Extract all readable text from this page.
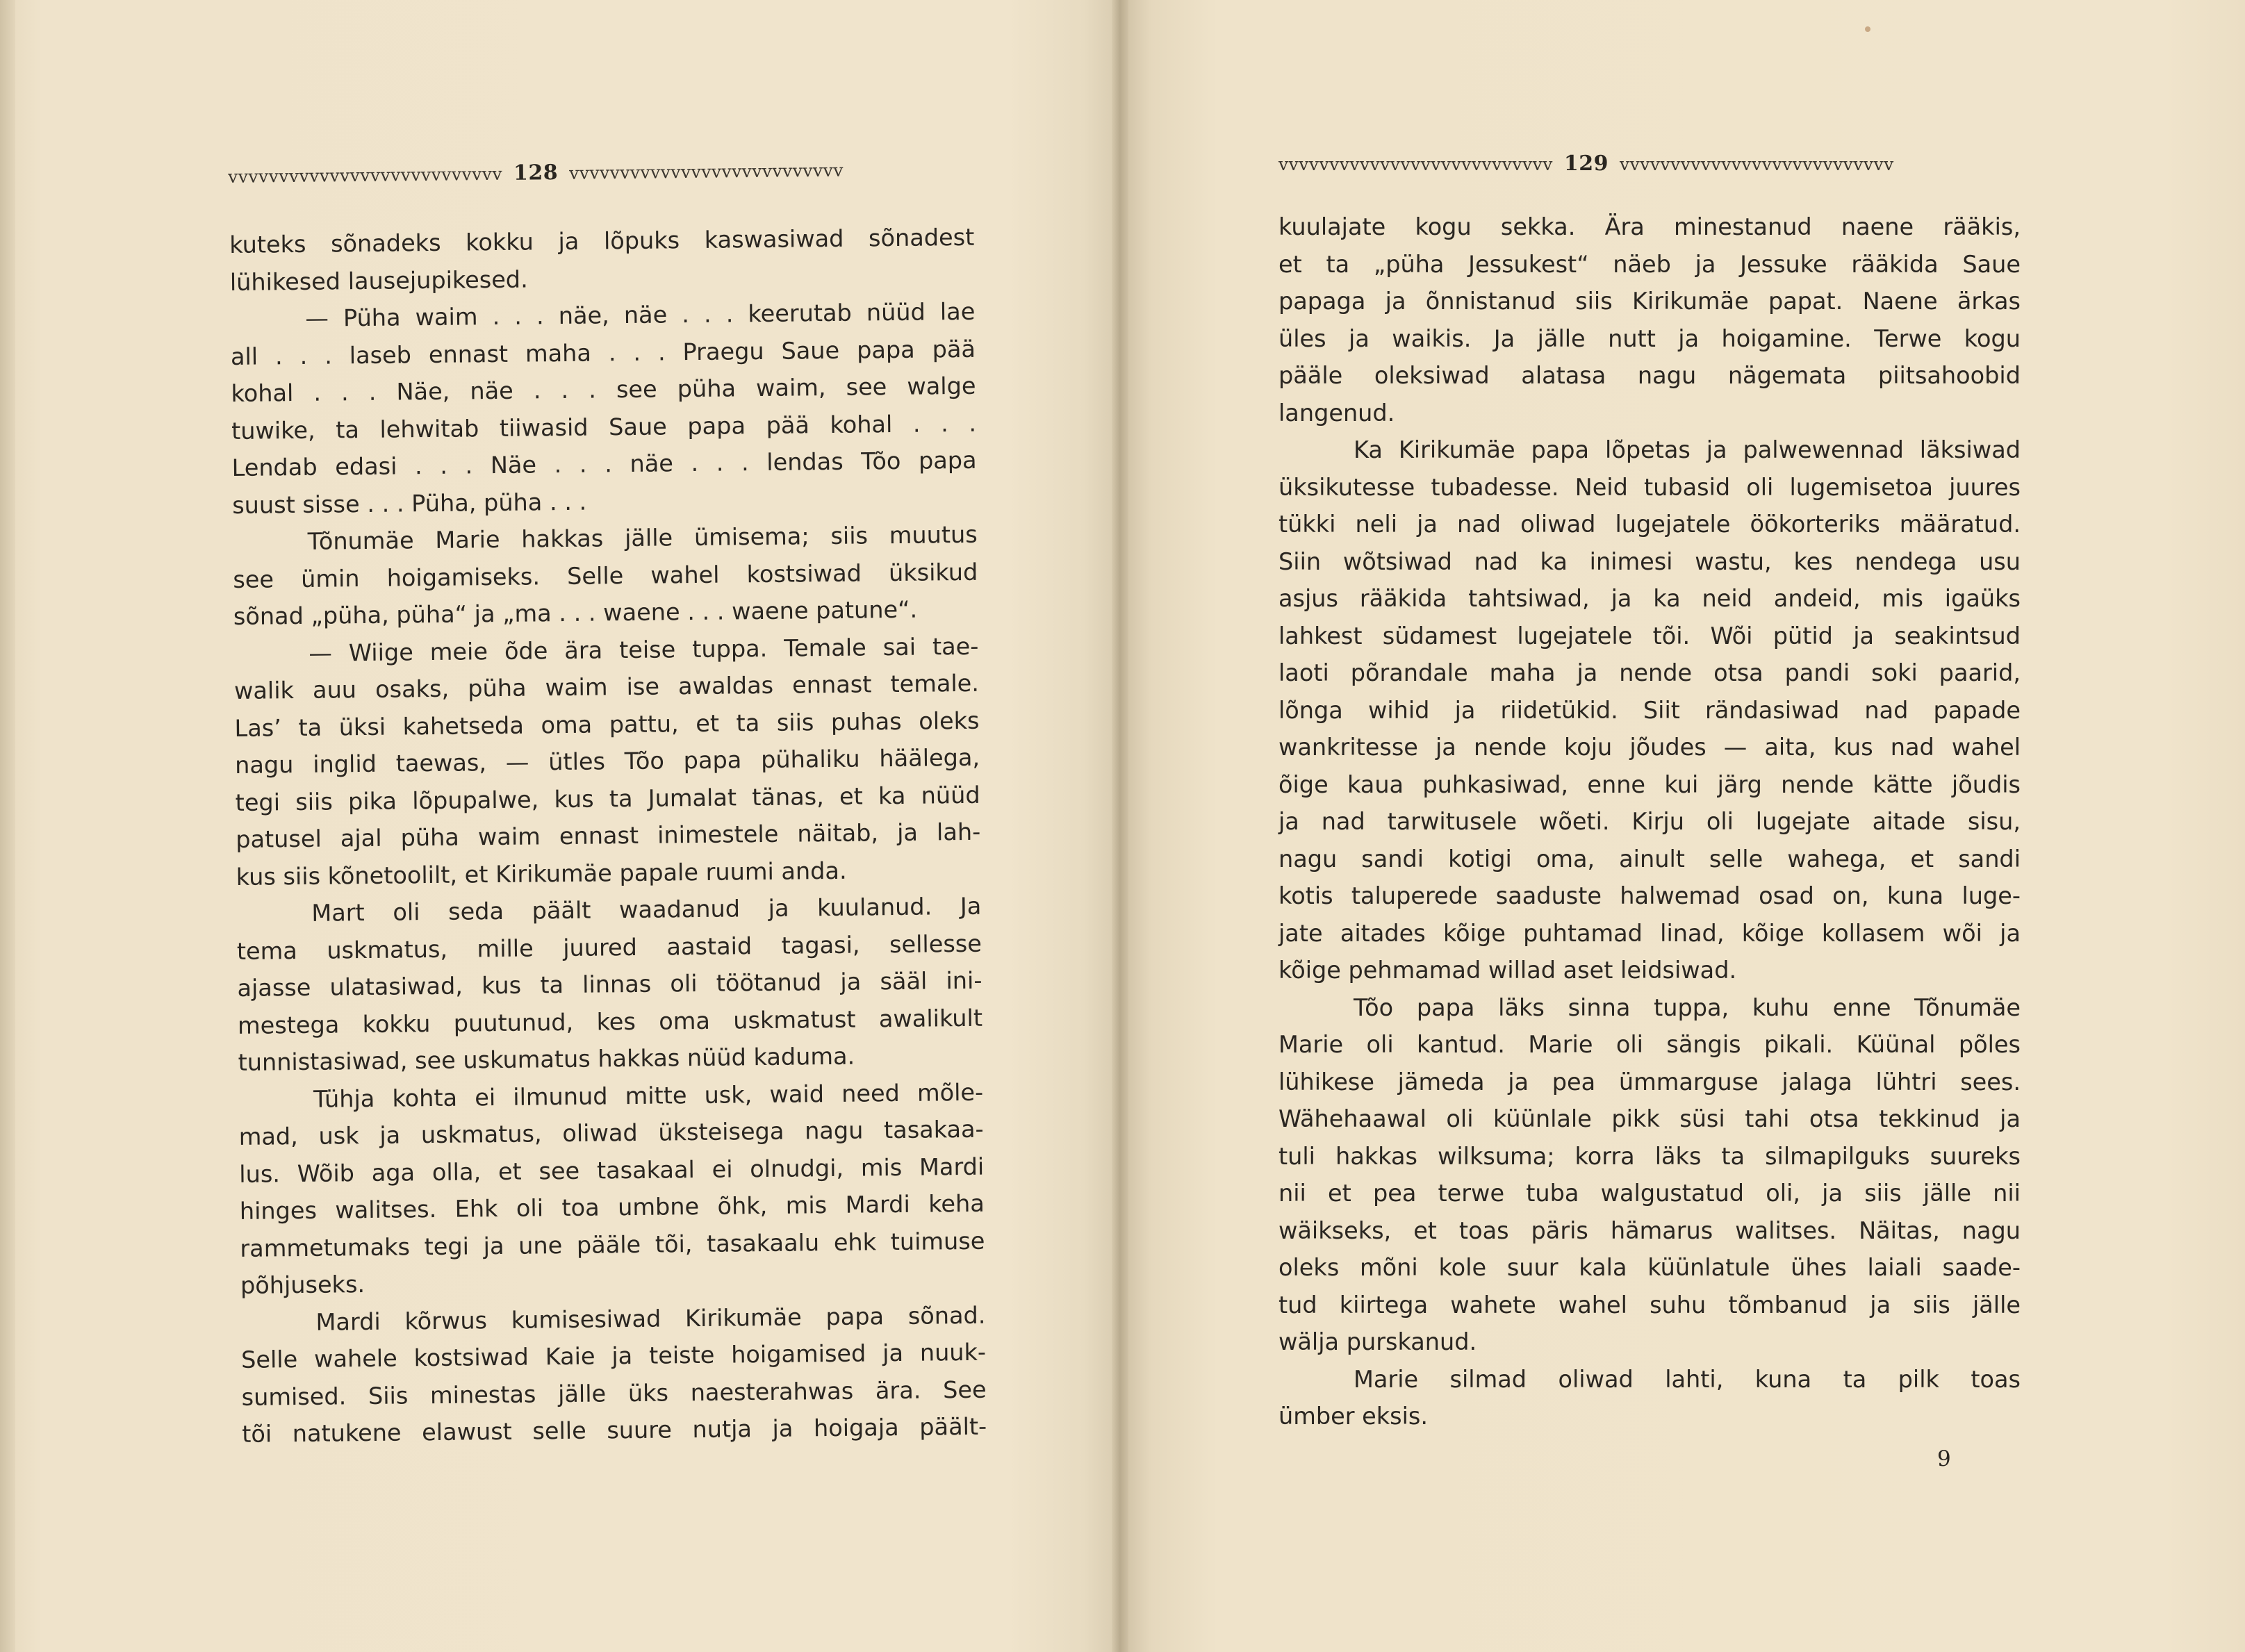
vvvvvvvvvvvvvvvvvvvvvvvvvvv 128 vvvvvvvvvvvvvvvvvvvvvvvvvvv
kuteks sõnadeks kokku ja lõpuks kaswasiwad sõnadest
lühikesed lausejupikesed.
— Püha waim . . . näe, näe . . . keerutab nüüd lae
all . . . laseb ennast maha . . . Praegu Saue papa pää
kohal . . . Näe, näe . . . see püha waim, see walge
tuwike, ta lehwitab tiiwasid Saue papa pää kohal . . .
Lendab edasi . . . Näe . . . näe . . . lendas Tõo papa
suust sisse . . . Püha, püha . . .
Tõnumäe Marie hakkas jälle ümisema; siis muutus
see ümin hoigamiseks. Selle wahel kostsiwad üksikud
sõnad „püha, püha“ ja „ma . . . waene . . . waene patune“.
— Wiige meie õde ära teise tuppa. Temale sai tae-
walik auu osaks, püha waim ise awaldas ennast temale.
Las’ ta üksi kahetseda oma pattu, et ta siis puhas oleks
nagu inglid taewas, — ütles Tõo papa pühaliku häälega,
tegi siis pika lõpupalwe, kus ta Jumalat tänas, et ka nüüd
patusel ajal püha waim ennast inimestele näitab, ja lah-
kus siis kõnetoolilt, et Kirikumäe papale ruumi anda.
Mart oli seda päält waadanud ja kuulanud. Ja
tema uskmatus, mille juured aastaid tagasi, sellesse
ajasse ulatasiwad, kus ta linnas oli töötanud ja sääl ini-
mestega kokku puutunud, kes oma uskmatust awalikult
tunnistasiwad, see uskumatus hakkas nüüd kaduma.
Tühja kohta ei ilmunud mitte usk, waid need mõle-
mad, usk ja uskmatus, oliwad üksteisega nagu tasakaa-
lus. Wõib aga olla, et see tasakaal ei olnudgi, mis Mardi
hinges walitses. Ehk oli toa umbne õhk, mis Mardi keha
rammetumaks tegi ja une pääle tõi, tasakaalu ehk tuimuse
põhjuseks.
Mardi kõrwus kumisesiwad Kirikumäe papa sõnad.
Selle wahele kostsiwad Kaie ja teiste hoigamised ja nuuk-
sumised. Siis minestas jälle üks naesterahwas ära. See
tõi natukene elawust selle suure nutja ja hoigaja päält-
vvvvvvvvvvvvvvvvvvvvvvvvvvv 129 vvvvvvvvvvvvvvvvvvvvvvvvvvv
kuulajate kogu sekka. Ära minestanud naene rääkis,
et ta „püha Jessukest“ näeb ja Jessuke rääkida Saue
papaga ja õnnistanud siis Kirikumäe papat. Naene ärkas
üles ja waikis. Ja jälle nutt ja hoigamine. Terwe kogu
pääle oleksiwad alatasa nagu nägemata piitsahoobid
langenud.
Ka Kirikumäe papa lõpetas ja palwewennad läksiwad
üksikutesse tubadesse. Neid tubasid oli lugemisetoa juures
tükki neli ja nad oliwad lugejatele öökorteriks määratud.
Siin wõtsiwad nad ka inimesi wastu, kes nendega usu
asjus rääkida tahtsiwad, ja ka neid andeid, mis igaüks
lahkest südamest lugejatele tõi. Wõi pütid ja seakintsud
laoti põrandale maha ja nende otsa pandi soki paarid,
lõnga wihid ja riidetükid. Siit rändasiwad nad papade
wankritesse ja nende koju jõudes — aita, kus nad wahel
õige kaua puhkasiwad, enne kui järg nende kätte jõudis
ja nad tarwitusele wõeti. Kirju oli lugejate aitade sisu,
nagu sandi kotigi oma, ainult selle wahega, et sandi
kotis taluperede saaduste halwemad osad on, kuna luge-
jate aitades kõige puhtamad linad, kõige kollasem wõi ja
kõige pehmamad willad aset leidsiwad.
Tõo papa läks sinna tuppa, kuhu enne Tõnumäe
Marie oli kantud. Marie oli sängis pikali. Küünal põles
lühikese jämeda ja pea ümmarguse jalaga lühtri sees.
Wähehaawal oli küünlale pikk süsi tahi otsa tekkinud ja
tuli hakkas wilksuma; korra läks ta silmapilguks suureks
nii et pea terwe tuba walgustatud oli, ja siis jälle nii
wäikseks, et toas päris hämarus walitses. Näitas, nagu
oleks mõni kole suur kala küünlatule ühes laiali saade-
tud kiirtega wahete wahel suhu tõmbanud ja siis jälle
wälja purskanud.
Marie silmad oliwad lahti, kuna ta pilk toas
ümber eksis.
9
